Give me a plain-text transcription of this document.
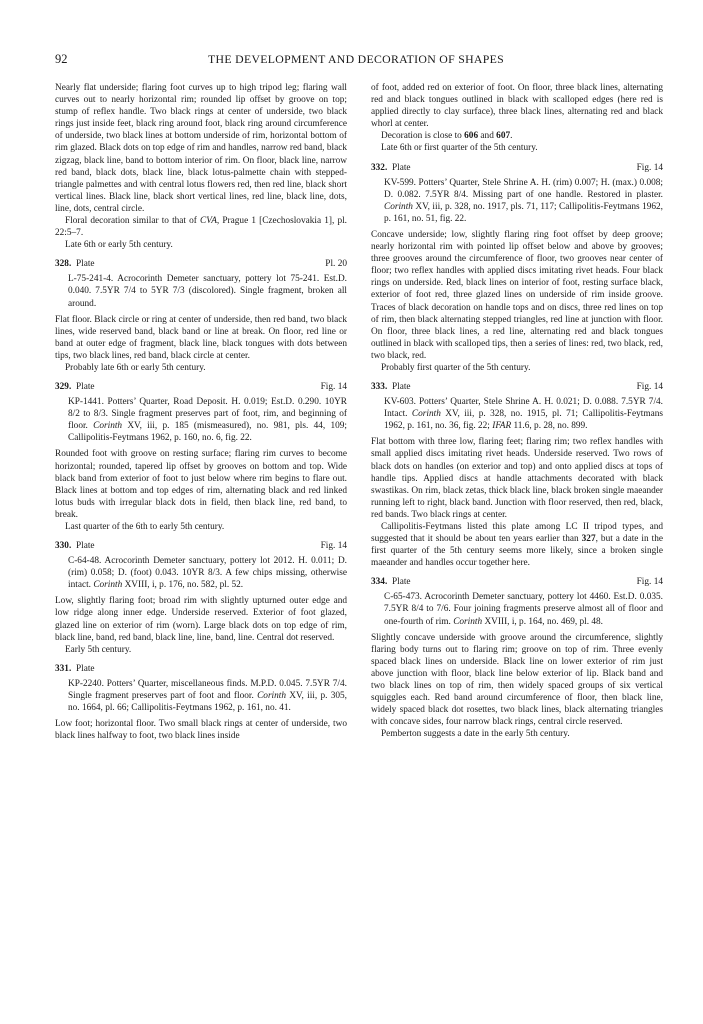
92	THE DEVELOPMENT AND DECORATION OF SHAPES

Nearly flat underside; flaring foot curves up to high tripod leg; flaring wall curves out to nearly horizontal rim; rounded lip offset by groove on top; stump of reflex handle. Two black rings at center of underside, two black rings just inside feet, black ring around foot, black ring around circumference of underside, two black lines at bottom underside of rim, horizontal bottom of rim glazed. Black dots on top edge of rim and handles, narrow red band, black zigzag, black line, band to bottom interior of rim. On floor, black line, narrow red band, black dots, black line, black lotus-palmette chain with stepped-triangle palmettes and with central lotus flowers red, then red line, black short vertical lines. Black line, black short vertical lines, red line, black line, dots, line, dots, central circle.

Floral decoration similar to that of CVA, Prague 1 [Czechoslovakia 1], pl. 22:5–7.

Late 6th or early 5th century.

328. Plate	Pl. 20

L-75-241-4. Acrocorinth Demeter sanctuary, pottery lot 75-241. Est.D. 0.040. 7.5YR 7/4 to 5YR 7/3 (discolored). Single fragment, broken all around.

Flat floor. Black circle or ring at center of underside, then red band, two black lines, wide reserved band, black band or line at break. On floor, red line or band at outer edge of fragment, black line, black tongues with dots between tips, two black lines, red band, black circle at center.

Probably late 6th or early 5th century.

329. Plate	Fig. 14

KP-1441. Potters’ Quarter, Road Deposit. H. 0.019; Est.D. 0.290. 10YR 8/2 to 8/3. Single fragment preserves part of foot, rim, and beginning of floor. Corinth XV, iii, p. 185 (mismeasured), no. 981, pls. 44, 109; Callipolitis-Feytmans 1962, p. 160, no. 6, fig. 22.

Rounded foot with groove on resting surface; flaring rim curves to become horizontal; rounded, tapered lip offset by grooves on bottom and top. Wide black band from exterior of foot to just below where rim begins to flare out. Black lines at bottom and top edges of rim, alternating black and red linked lotus buds with irregular black dots in field, then black line, red band, to break.

Last quarter of the 6th to early 5th century.

330. Plate	Fig. 14

C-64-48. Acrocorinth Demeter sanctuary, pottery lot 2012. H. 0.011; D. (rim) 0.058; D. (foot) 0.043. 10YR 8/3. A few chips missing, otherwise intact. Corinth XVIII, i, p. 176, no. 582, pl. 52.

Low, slightly flaring foot; broad rim with slightly upturned outer edge and low ridge along inner edge. Underside reserved. Exterior of foot glazed, glazed line on exterior of rim (worn). Large black dots on top edge of rim, black line, band, red band, black line, line, band, line. Central dot reserved.

Early 5th century.

331. Plate

KP-2240. Potters’ Quarter, miscellaneous finds. M.P.D. 0.045. 7.5YR 7/4. Single fragment preserves part of foot and floor. Corinth XV, iii, p. 305, no. 1664, pl. 66; Callipolitis-Feytmans 1962, p. 161, no. 41.

Low foot; horizontal floor. Two small black rings at center of underside, two black lines halfway to foot, two black lines inside

of foot, added red on exterior of foot. On floor, three black lines, alternating red and black tongues outlined in black with scalloped edges (here red is applied directly to clay surface), three black lines, alternating red and black whorl at center.

Decoration is close to 606 and 607.

Late 6th or first quarter of the 5th century.

332. Plate	Fig. 14

KV-599. Potters’ Quarter, Stele Shrine A. H. (rim) 0.007; H. (max.) 0.008; D. 0.082. 7.5YR 8/4. Missing part of one handle. Restored in plaster. Corinth XV, iii, p. 328, no. 1917, pls. 71, 117; Callipolitis-Feytmans 1962, p. 161, no. 51, fig. 22.

Concave underside; low, slightly flaring ring foot offset by deep groove; nearly horizontal rim with pointed lip offset below and above by grooves; three grooves around the circumference of floor, two grooves near center of floor; two reflex handles with applied discs imitating rivet heads. Four black rings on underside. Red, black lines on interior of foot, resting surface black, exterior of foot red, three glazed lines on underside of rim inside groove. Traces of black decoration on handle tops and on discs, three red lines on top of rim, then black alternating stepped triangles, red line at junction with floor. On floor, three black lines, a red line, alternating red and black tongues outlined in black with scalloped tips, then a series of lines: red, two black, red, two black, red.

Probably first quarter of the 5th century.

333. Plate	Fig. 14

KV-603. Potters’ Quarter, Stele Shrine A. H. 0.021; D. 0.088. 7.5YR 7/4. Intact. Corinth XV, iii, p. 328, no. 1915, pl. 71; Callipolitis-Feytmans 1962, p. 161, no. 36, fig. 22; IFAR 11.6, p. 28, no. 899.

Flat bottom with three low, flaring feet; flaring rim; two reflex handles with small applied discs imitating rivet heads. Underside reserved. Two rows of black dots on handles (on exterior and top) and onto applied discs at tops of handle tips. Applied discs at handle attachments decorated with black swastikas. On rim, black zetas, thick black line, black broken single maeander running left to right, black band. Junction with floor reserved, then red, black, red bands. Two black rings at center.

Callipolitis-Feytmans listed this plate among LC II tripod types, and suggested that it should be about ten years earlier than 327, but a date in the first quarter of the 5th century seems more likely, since a broken single maeander and handles occur together here.

334. Plate	Fig. 14

C-65-473. Acrocorinth Demeter sanctuary, pottery lot 4460. Est.D. 0.035. 7.5YR 8/4 to 7/6. Four joining fragments preserve almost all of floor and one-fourth of rim. Corinth XVIII, i, p. 164, no. 469, pl. 48.

Slightly concave underside with groove around the circumference, slightly flaring body turns out to flaring rim; groove on top of rim. Three evenly spaced black lines on underside. Black line on lower exterior of rim just above junction with floor, black line below exterior of lip. Black band and two black lines on top of rim, then widely spaced groups of six vertical squiggles each. Red band around circumference of floor, then black line, widely spaced black dot rosettes, two black lines, black alternating triangles with concave sides, four narrow black rings, central circle reserved.

Pemberton suggests a date in the early 5th century.
